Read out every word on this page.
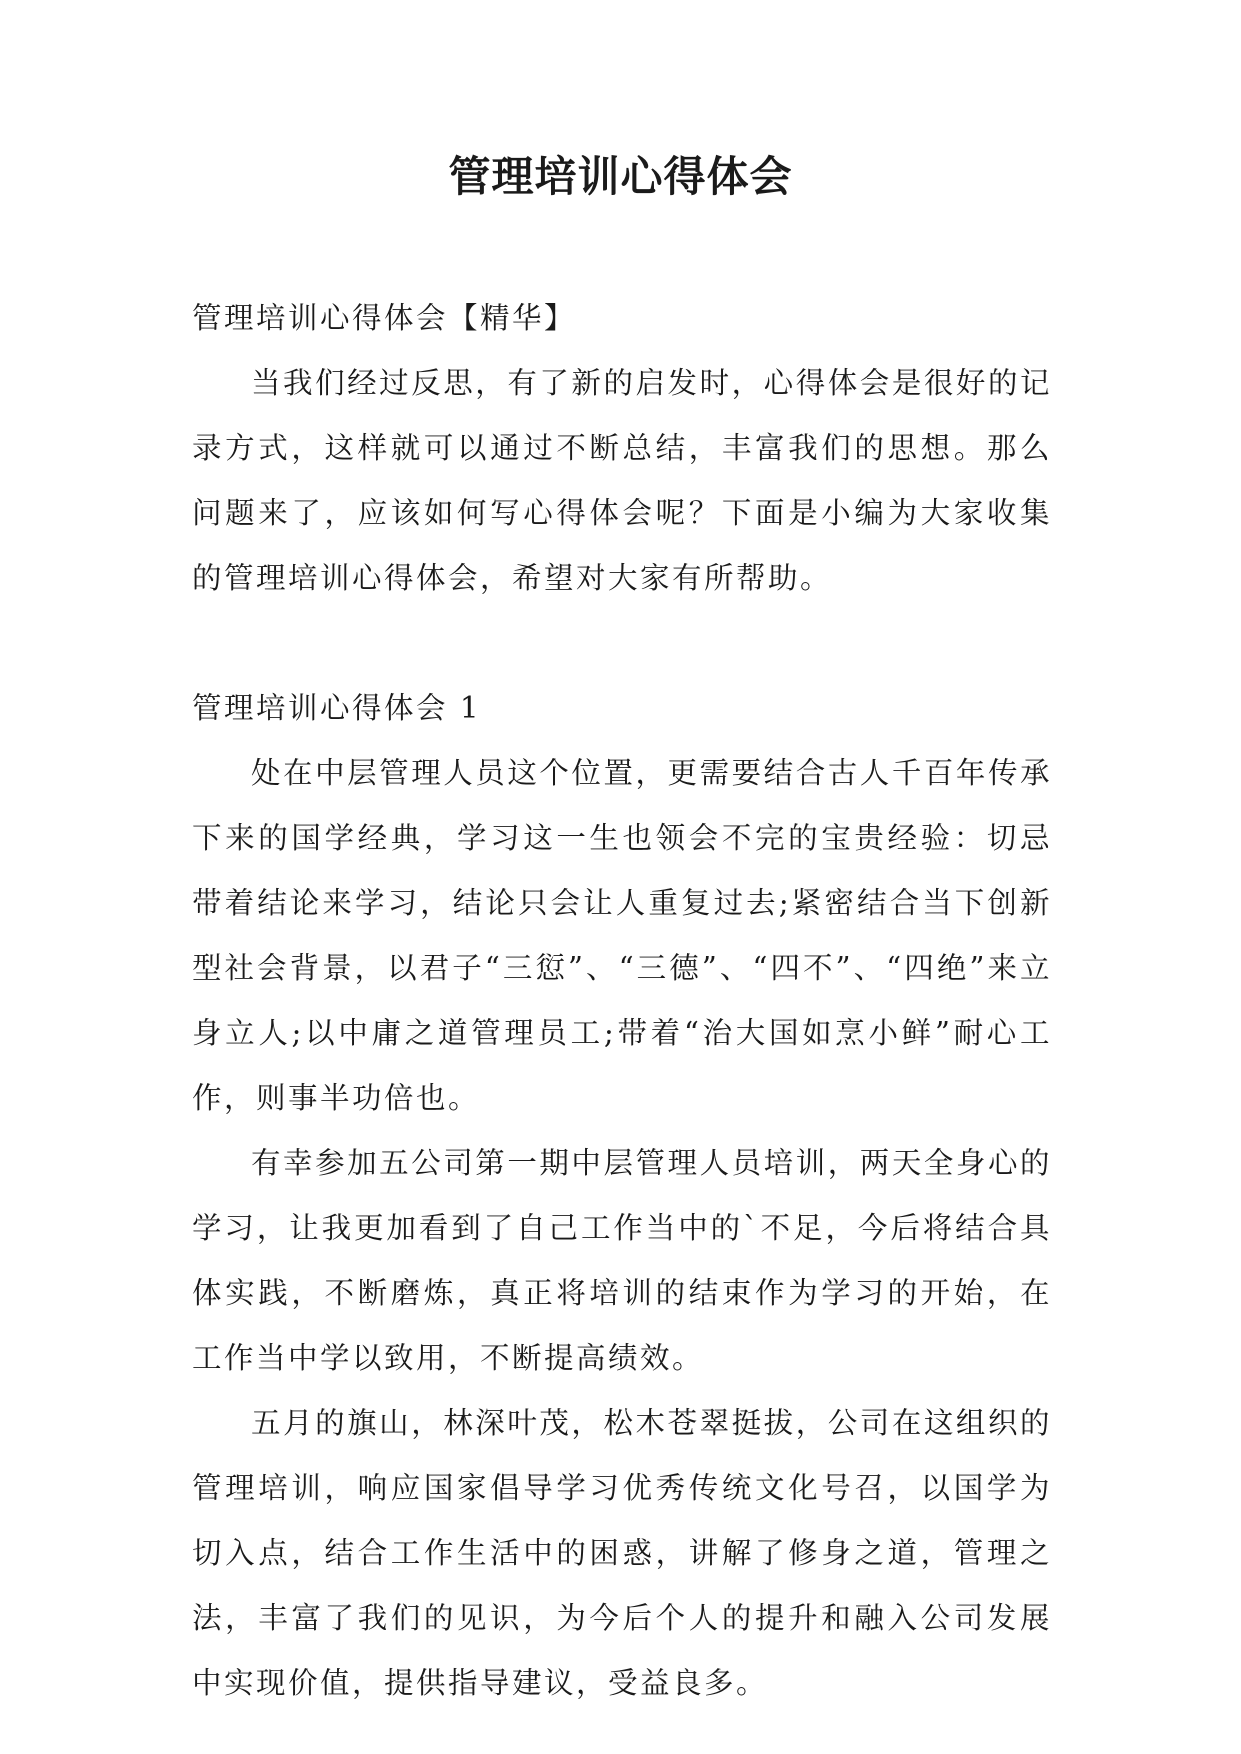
管理培训心得体会

管理培训心得体会【精华】

当我们经过反思，有了新的启发时，心得体会是很好的记录方式，这样就可以通过不断总结，丰富我们的思想。那么问题来了，应该如何写心得体会呢？下面是小编为大家收集的管理培训心得体会，希望对大家有所帮助。

管理培训心得体会 1

处在中层管理人员这个位置，更需要结合古人千百年传承下来的国学经典，学习这一生也领会不完的宝贵经验：切忌带着结论来学习，结论只会让人重复过去;紧密结合当下创新型社会背景，以君子“三愆”、“三德”、“四不”、“四绝”来立身立人;以中庸之道管理员工;带着“治大国如烹小鲜”耐心工作，则事半功倍也。

有幸参加五公司第一期中层管理人员培训，两天全身心的学习，让我更加看到了自己工作当中的`不足，今后将结合具体实践，不断磨炼，真正将培训的结束作为学习的开始，在工作当中学以致用，不断提高绩效。

五月的旗山，林深叶茂，松木苍翠挺拔，公司在这组织的管理培训，响应国家倡导学习优秀传统文化号召，以国学为切入点，结合工作生活中的困惑，讲解了修身之道，管理之法，丰富了我们的见识，为今后个人的提升和融入公司发展中实现价值，提供指导建议，受益良多。
